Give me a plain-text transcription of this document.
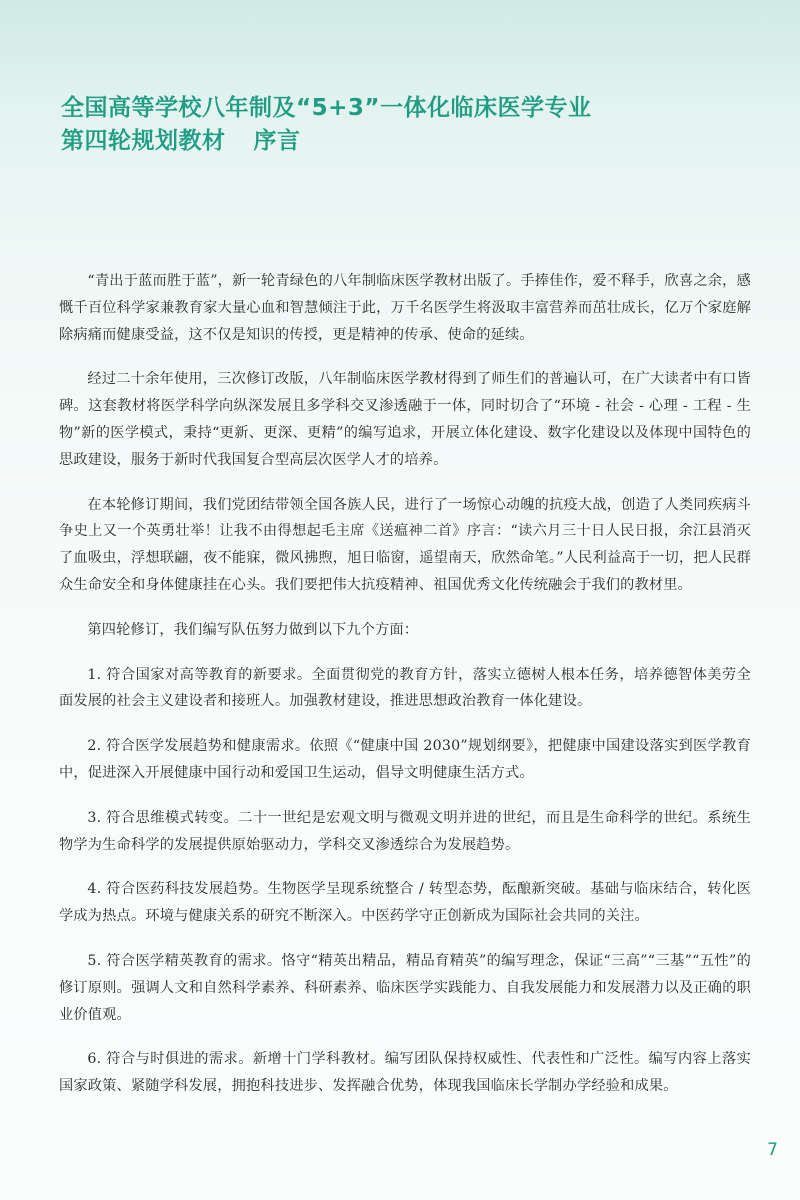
全国高等学校八年制及“5+3”一体化临床医学专业
第四轮规划教材 序言

“青出于蓝而胜于蓝”，新一轮青绿色的八年制临床医学教材出版了。手捧佳作，爱不释手，欣喜之余，感慨千百位科学家兼教育家大量心血和智慧倾注于此，万千名医学生将汲取丰富营养而茁壮成长，亿万个家庭解除病痛而健康受益，这不仅是知识的传授，更是精神的传承、使命的延续。

经过二十余年使用，三次修订改版，八年制临床医学教材得到了师生们的普遍认可，在广大读者中有口皆碑。这套教材将医学科学向纵深发展且多学科交叉渗透融于一体，同时切合了“环境 - 社会 - 心理 - 工程 - 生物”新的医学模式，秉持“更新、更深、更精”的编写追求，开展立体化建设、数字化建设以及体现中国特色的思政建设，服务于新时代我国复合型高层次医学人才的培养。

在本轮修订期间，我们党团结带领全国各族人民，进行了一场惊心动魄的抗疫大战，创造了人类同疾病斗争史上又一个英勇壮举！让我不由得想起毛主席《送瘟神二首》序言：“读六月三十日人民日报，余江县消灭了血吸虫，浮想联翩，夜不能寐，微风拂煦，旭日临窗，遥望南天，欣然命笔。”人民利益高于一切，把人民群众生命安全和身体健康挂在心头。我们要把伟大抗疫精神、祖国优秀文化传统融会于我们的教材里。

第四轮修订，我们编写队伍努力做到以下九个方面：

1. 符合国家对高等教育的新要求。全面贯彻党的教育方针，落实立德树人根本任务，培养德智体美劳全面发展的社会主义建设者和接班人。加强教材建设，推进思想政治教育一体化建设。

2. 符合医学发展趋势和健康需求。依照《“健康中国 2030”规划纲要》，把健康中国建设落实到医学教育中，促进深入开展健康中国行动和爱国卫生运动，倡导文明健康生活方式。

3. 符合思维模式转变。二十一世纪是宏观文明与微观文明并进的世纪，而且是生命科学的世纪。系统生物学为生命科学的发展提供原始驱动力，学科交叉渗透综合为发展趋势。

4. 符合医药科技发展趋势。生物医学呈现系统整合 / 转型态势，酝酿新突破。基础与临床结合，转化医学成为热点。环境与健康关系的研究不断深入。中医药学守正创新成为国际社会共同的关注。

5. 符合医学精英教育的需求。恪守“精英出精品，精品育精英”的编写理念，保证“三高”“三基”“五性”的修订原则。强调人文和自然科学素养、科研素养、临床医学实践能力、自我发展能力和发展潜力以及正确的职业价值观。

6. 符合与时俱进的需求。新增十门学科教材。编写团队保持权威性、代表性和广泛性。编写内容上落实国家政策、紧随学科发展，拥抱科技进步、发挥融合优势，体现我国临床长学制办学经验和成果。

7
